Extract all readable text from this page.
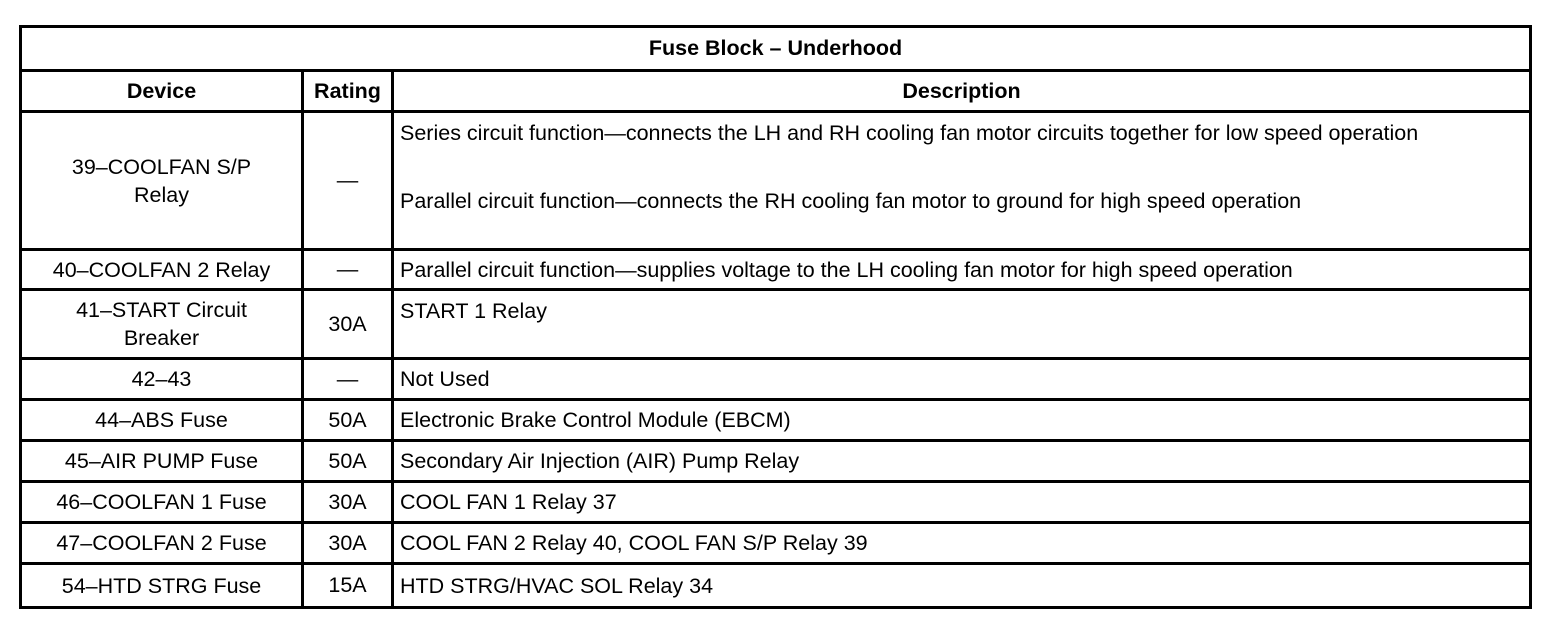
Fuse Block – Underhood		
Device	Rating	Description

39–COOLFAN S/P
Relay	—	Series circuit function—connects the LH and RH cooling fan motor circuits together for low speed operation
Parallel circuit function—connects the RH cooling fan motor to ground for high speed operation

40–COOLFAN 2 Relay	—	Parallel circuit function—supplies voltage to the LH cooling fan motor for high speed operation

41–START Circuit
Breaker	30A	START 1 Relay
42–43	—	Not Used
44–ABS Fuse	50A	Electronic Brake Control Module (EBCM)
45–AIR PUMP Fuse	50A	Secondary Air Injection (AIR) Pump Relay
46–COOLFAN 1 Fuse	30A	COOL FAN 1 Relay 37
47–COOLFAN 2 Fuse	30A	COOL FAN 2 Relay 40, COOL FAN S/P Relay 39
54–HTD STRG Fuse	15A	HTD STRG/HVAC SOL Relay 34
